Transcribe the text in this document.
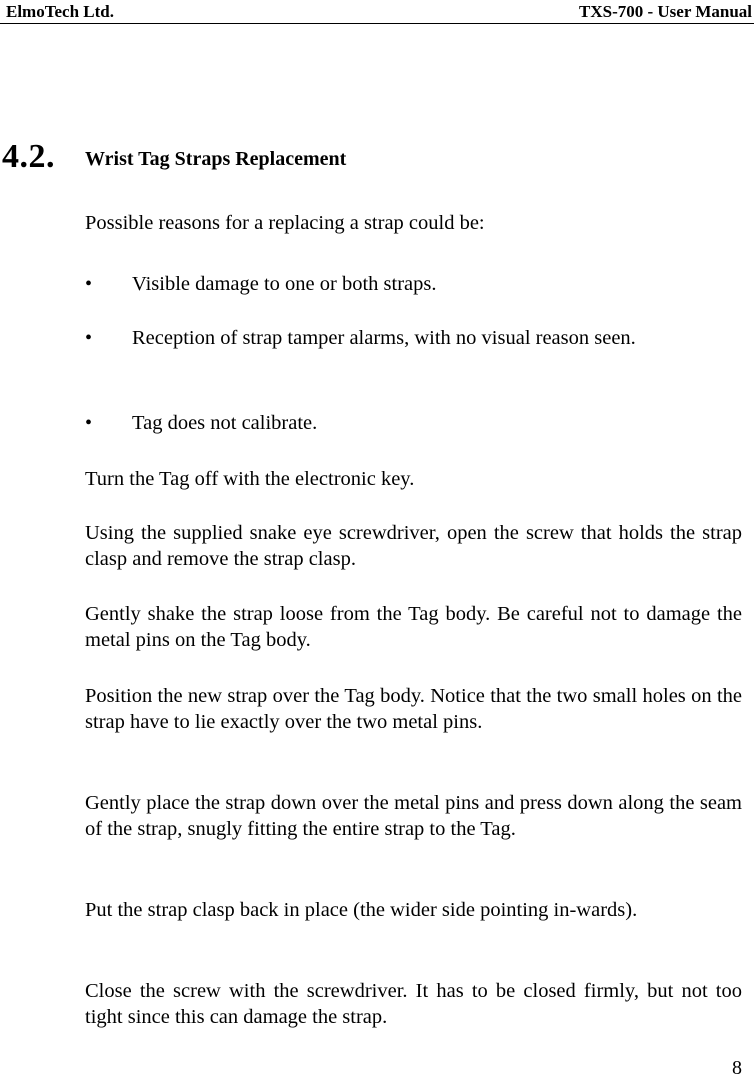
ElmoTech Ltd.	TXS-700 - User Manual
4.2. Wrist Tag Straps Replacement
Possible reasons for a replacing a strap could be:
• Visible damage to one or both straps.
• Reception of strap tamper alarms, with no visual reason seen.
• Tag does not calibrate.
Turn the Tag off with the electronic key.
Using the supplied snake eye screwdriver, open the screw that holds the strap clasp and remove the strap clasp.
Gently shake the strap loose from the Tag body. Be careful not to damage the metal pins on the Tag body.
Position the new strap over the Tag body. Notice that the two small holes on the strap have to lie exactly over the two metal pins.
Gently place the strap down over the metal pins and press down along the seam of the strap, snugly fitting the entire strap to the Tag.
Put the strap clasp back in place (the wider side pointing in-wards).
Close the screw with the screwdriver. It has to be closed firmly, but not too tight since this can damage the strap.
8
